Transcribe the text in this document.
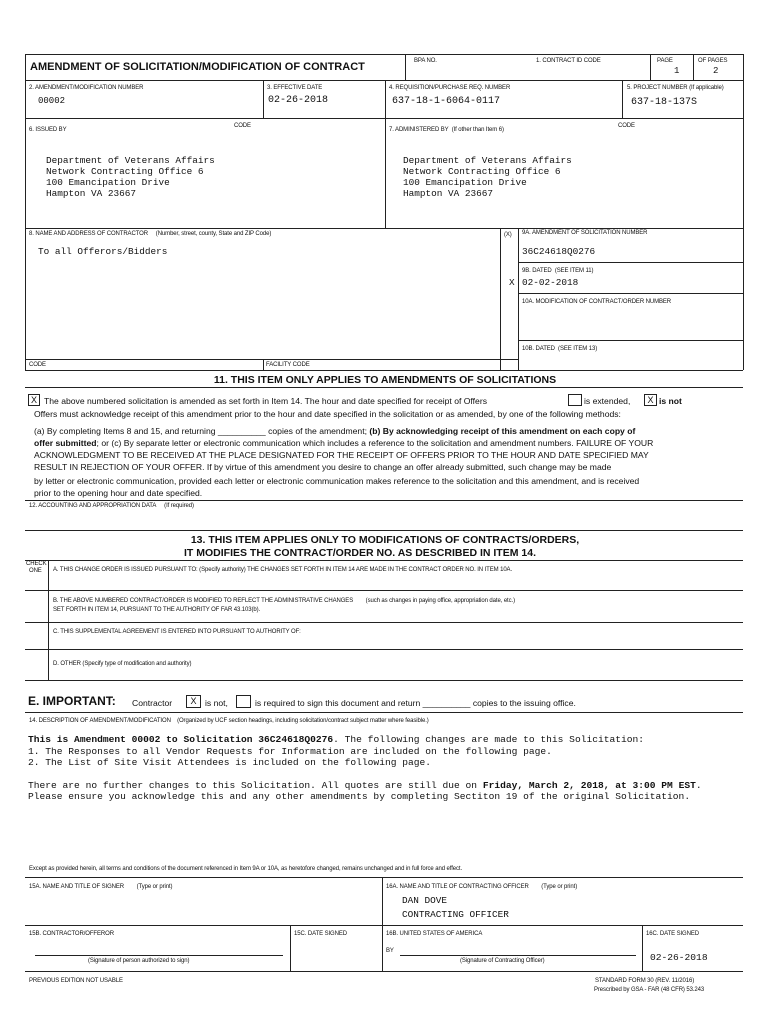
AMENDMENT OF SOLICITATION/MODIFICATION OF CONTRACT	BPA NO.	1. CONTRACT ID CODE	PAGE	OF PAGES
1	2
2. AMENDMENT/MODIFICATION NUMBER
00002
3. EFFECTIVE DATE
02-26-2018
4. REQUISITION/PURCHASE REQ. NUMBER
637-18-1-6064-0117
5. PROJECT NUMBER (If applicable)
637-18-137S
6. ISSUED BY
CODE
7. ADMINISTERED BY (If other than Item 6)
CODE
Department of Veterans Affairs
Network Contracting Office 6
100 Emancipation Drive
Hampton VA 23667
Department of Veterans Affairs
Network Contracting Office 6
100 Emancipation Drive
Hampton VA 23667
8. NAME AND ADDRESS OF CONTRACTOR (Number, street, county, State and ZIP Code)
To all Offerors/Bidders
(X) 9A. AMENDMENT OF SOLICITATION NUMBER
36C24618Q0276
9B. DATED (SEE ITEM 11)
X 02-02-2018
10A. MODIFICATION OF CONTRACT/ORDER NUMBER
10B. DATED (SEE ITEM 13)
CODE	FACILITY CODE
11. THIS ITEM ONLY APPLIES TO AMENDMENTS OF SOLICITATIONS
X The above numbered solicitation is amended as set forth in Item 14. The hour and date specified for receipt of Offers	is extended,	X is not
Offers must acknowledge receipt of this amendment prior to the hour and date specified in the solicitation or as amended, by one of the following methods:
(a) By completing Items 8 and 15, and returning __________ copies of the amendment; (b) By acknowledging receipt of this amendment on each copy of
offer submitted; or (c) By separate letter or electronic communication which includes a reference to the solicitation and amendment numbers. FAILURE OF YOUR
ACKNOWLEDGMENT TO BE RECEIVED AT THE PLACE DESIGNATED FOR THE RECEIPT OF OFFERS PRIOR TO THE HOUR AND DATE SPECIFIED MAY
RESULT IN REJECTION OF YOUR OFFER. If by virtue of this amendment you desire to change an offer already submitted, such change may be made
by letter or electronic communication, provided each letter or electronic communication makes reference to the solicitation and this amendment, and is received
prior to the opening hour and date specified.
12. ACCOUNTING AND APPROPRIATION DATA (If required)
13. THIS ITEM APPLIES ONLY TO MODIFICATIONS OF CONTRACTS/ORDERS,
IT MODIFIES THE CONTRACT/ORDER NO. AS DESCRIBED IN ITEM 14.
CHECK
ONE	A. THIS CHANGE ORDER IS ISSUED PURSUANT TO: (Specify authority) THE CHANGES SET FORTH IN ITEM 14 ARE MADE IN THE CONTRACT ORDER NO. IN ITEM 10A.
B. THE ABOVE NUMBERED CONTRACT/ORDER IS MODIFIED TO REFLECT THE ADMINISTRATIVE CHANGES (such as changes in paying office, appropriation date, etc.)
SET FORTH IN ITEM 14, PURSUANT TO THE AUTHORITY OF FAR 43.103(b).
C. THIS SUPPLEMENTAL AGREEMENT IS ENTERED INTO PURSUANT TO AUTHORITY OF:
D. OTHER (Specify type of modification and authority)
E. IMPORTANT: Contractor	X is not,	is required to sign this document and return __________ copies to the issuing office.
14. DESCRIPTION OF AMENDMENT/MODIFICATION (Organized by UCF section headings, including solicitation/contract subject matter where feasible.)
This is Amendment 00002 to Solicitation 36C24618Q0276. The following changes are made to this Solicitation:
1. The Responses to all Vendor Requests for Information are included on the following page.
2. The List of Site Visit Attendees is included on the following page.
There are no further changes to this Solicitation. All quotes are still due on Friday, March 2, 2018, at 3:00 PM EST.
Please ensure you acknowledge this and any other amendments by completing Sectiton 19 of the original Solicitation.
Except as provided herein, all terms and conditions of the document referenced in Item 9A or 10A, as heretofore changed, remains unchanged and in full force and effect.
15A. NAME AND TITLE OF SIGNER (Type or print)	16A. NAME AND TITLE OF CONTRACTING OFFICER (Type or print)
DAN DOVE
CONTRACTING OFFICER
15B. CONTRACTOR/OFFEROR	15C. DATE SIGNED	16B. UNITED STATES OF AMERICA	16C. DATE SIGNED
BY
02-26-2018
(Signature of person authorized to sign)	(Signature of Contracting Officer)
PREVIOUS EDITION NOT USABLE	STANDARD FORM 30 (REV. 11/2016)
Prescribed by GSA - FAR (48 CFR) 53.243
